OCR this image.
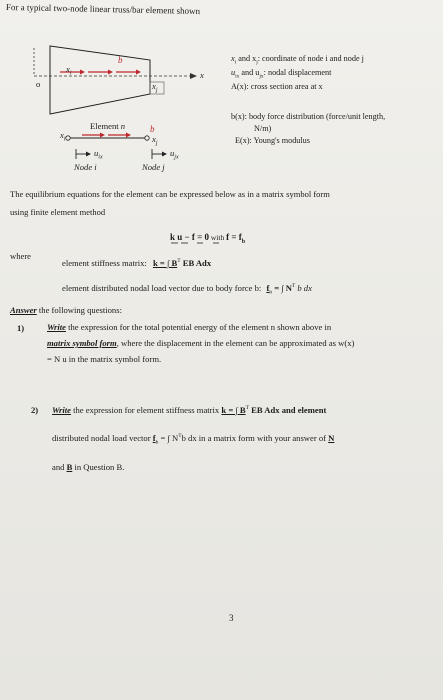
For a typical two-node linear truss/bar element shown
b
o
$x_i$
$x_j$
x
Element n	b
$x_i$	$x_j$
$u_{ix}$	$u_{jx}$
Node i	Node j
$x_i$ and $x_j$: coordinate of node i and node j
$u_{ix}$ and $u_{jx}$: nodal displacement
A(x): cross section area at x
b(x): body force distribution (force/unit length,
N/m)
E(x): Young's modulus
The equilibrium equations for the element can be expressed below as in a matrix symbol form
using finite element method
k u − f = 0 with $f = f_b$
where
element stiffness matrix: k = ∫ $B^T$ EB Adx
element distributed nodal load vector due to body force b: $f_b$ = ∫ $N^T$ b dx
Answer the following questions:
1)	Write the expression for the total potential energy of the element n shown above in
matrix symbol form, where the displacement in the element can be approximated as w(x)
= N u in the matrix symbol form.
2) Write the expression for element stiffness matrix k = ∫ $B^T$ EB Adx and element
distributed nodal load vector $f_b$ = ∫ $N^Tb$ dx in a matrix form with your answer of N
and B in Question B.
3
